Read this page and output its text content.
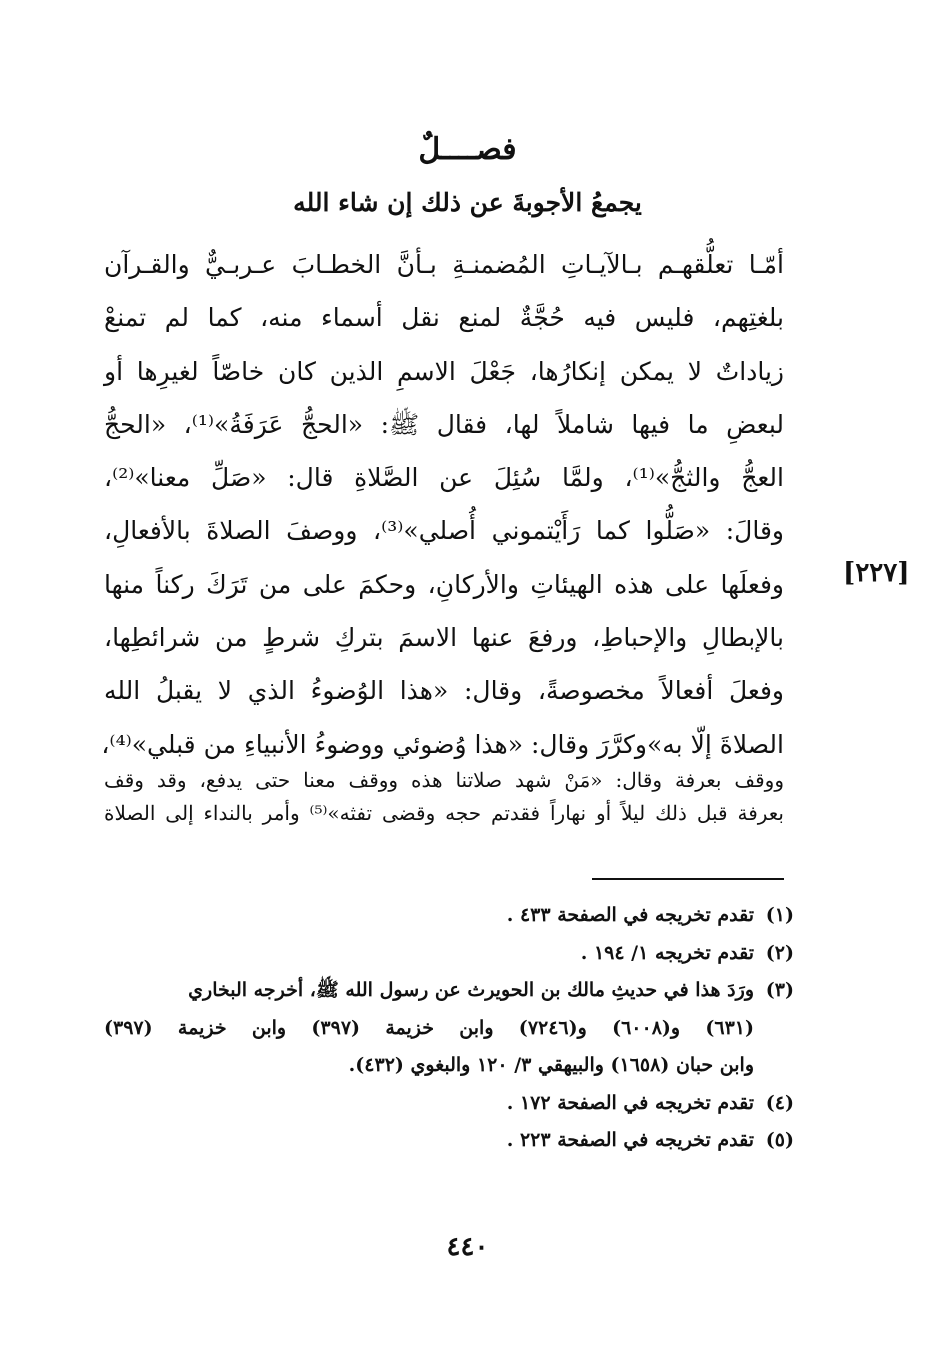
فصــــلٌ
يجمعُ الأجوبةَ عن ذلك إن شاء الله
[٢٢٧]
أمّـا تعلُّقهـم بـالآيـاتِ المُضمنـةِ بـأنَّ الخطـابَ عـربـيٌّ والقـرآن
بلغتِهم، فليس فيه حُجَّةٌ لمنع نقل أسماء منه، كما لم تمنعْ
زياداتٌ لا يمكن إنكارُها، جَعْلَ الاسمِ الذين كان خاصّاً لغيرِها أو
لبعضِ ما فيها شاملاً لها، فقال ﷺ: «الحجُّ عَرَفَةُ»⁽¹⁾، «الحجُّ
العجُّ والثجُّ»⁽¹⁾، ولمَّا سُئِلَ عن الصَّلاةِ قال: «صَلِّ معنا»⁽²⁾،
وقالَ: «صَلُّوا كما رَأَيْتموني أُصلي»⁽³⁾، ووصفَ الصلاةَ بالأفعالِ،
وفعلَها على هذه الهيئاتِ والأركانِ، وحكمَ على من تَرَكَ ركناً منها
بالإبطالِ والإحباطِ، ورفعَ عنها الاسمَ بتركِ شرطٍ من شرائطِها،
وفعلَ أفعالاً مخصوصةً، وقال: «هذا الوُضوءُ الذي لا يقبلُ الله
الصلاةَ إلّا به»وكرَّرَ وقال: «هذا وُضوئي ووضوءُ الأنبياءِ من قبلي»⁽⁴⁾،
ووقف بعرفة وقال: «مَنْ شهد صلاتنا هذه ووقف معنا حتى يدفع، وقد وقف
بعرفة قبل ذلك ليلاً أو نهاراً فقدتم حجه وقضى تفثه»⁽⁵⁾ وأمر بالنداء إلى الصلاة
(١)تقدم تخريجه في الصفحة ٤٣٣ .
(٢)تقدم تخريجه ١/ ١٩٤ .
(٣)ورَدَ هذا في حديثِ مالك بن الحويرث عن رسول الله ﷺ، أخرجه البخاري
(٦٣١) و(٦٠٠٨) و(٧٢٤٦) وابن خزيمة (٣٩٧) وابن خزيمة (٣٩٧)
وابن حبان (١٦٥٨) والبيهقي ٣/ ١٢٠ والبغوي (٤٣٢).
(٤)تقدم تخريجه في الصفحة ١٧٢ .
(٥)تقدم تخريجه في الصفحة ٢٢٣ .
٤٤٠
